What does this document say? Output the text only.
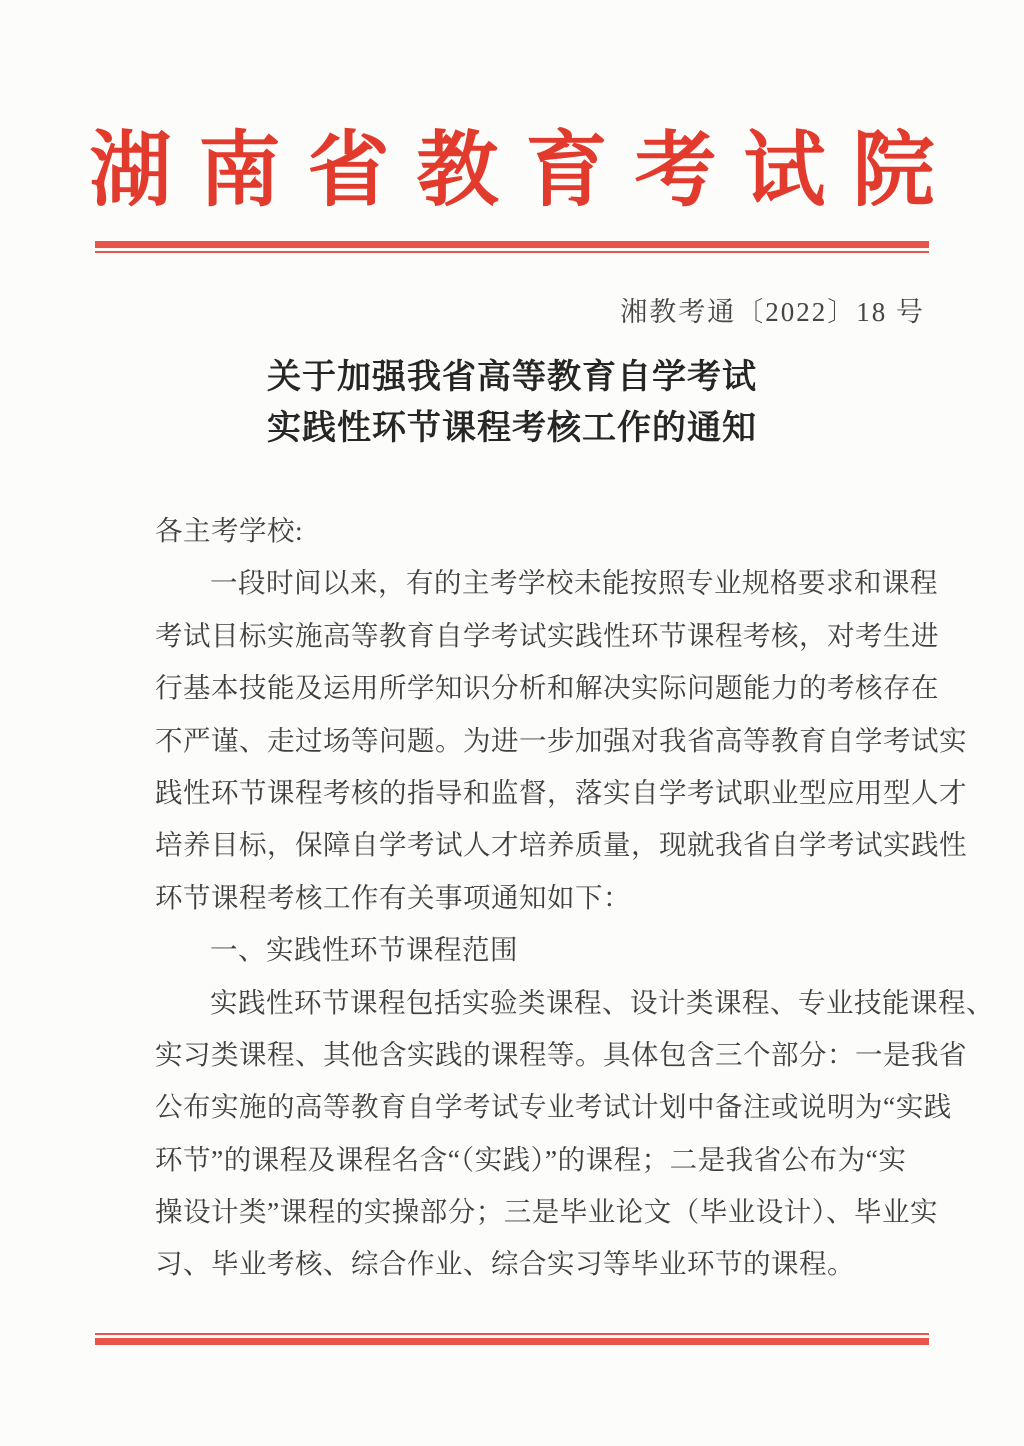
湖南省教育考试院
湘教考通〔2022〕18 号
关于加强我省高等教育自学考试
实践性环节课程考核工作的通知
各主考学校:
一段时间以来，有的主考学校未能按照专业规格要求和课程
考试目标实施高等教育自学考试实践性环节课程考核，对考生进
行基本技能及运用所学知识分析和解决实际问题能力的考核存在
不严谨、走过场等问题。为进一步加强对我省高等教育自学考试实
践性环节课程考核的指导和监督，落实自学考试职业型应用型人才
培养目标，保障自学考试人才培养质量，现就我省自学考试实践性
环节课程考核工作有关事项通知如下：
一、实践性环节课程范围
实践性环节课程包括实验类课程、设计类课程、专业技能课程、
实习类课程、其他含实践的课程等。具体包含三个部分：一是我省
公布实施的高等教育自学考试专业考试计划中备注或说明为“实践
环节”的课程及课程名含“（实践）”的课程；二是我省公布为“实
操设计类”课程的实操部分；三是毕业论文（毕业设计）、毕业实
习、毕业考核、综合作业、综合实习等毕业环节的课程。
